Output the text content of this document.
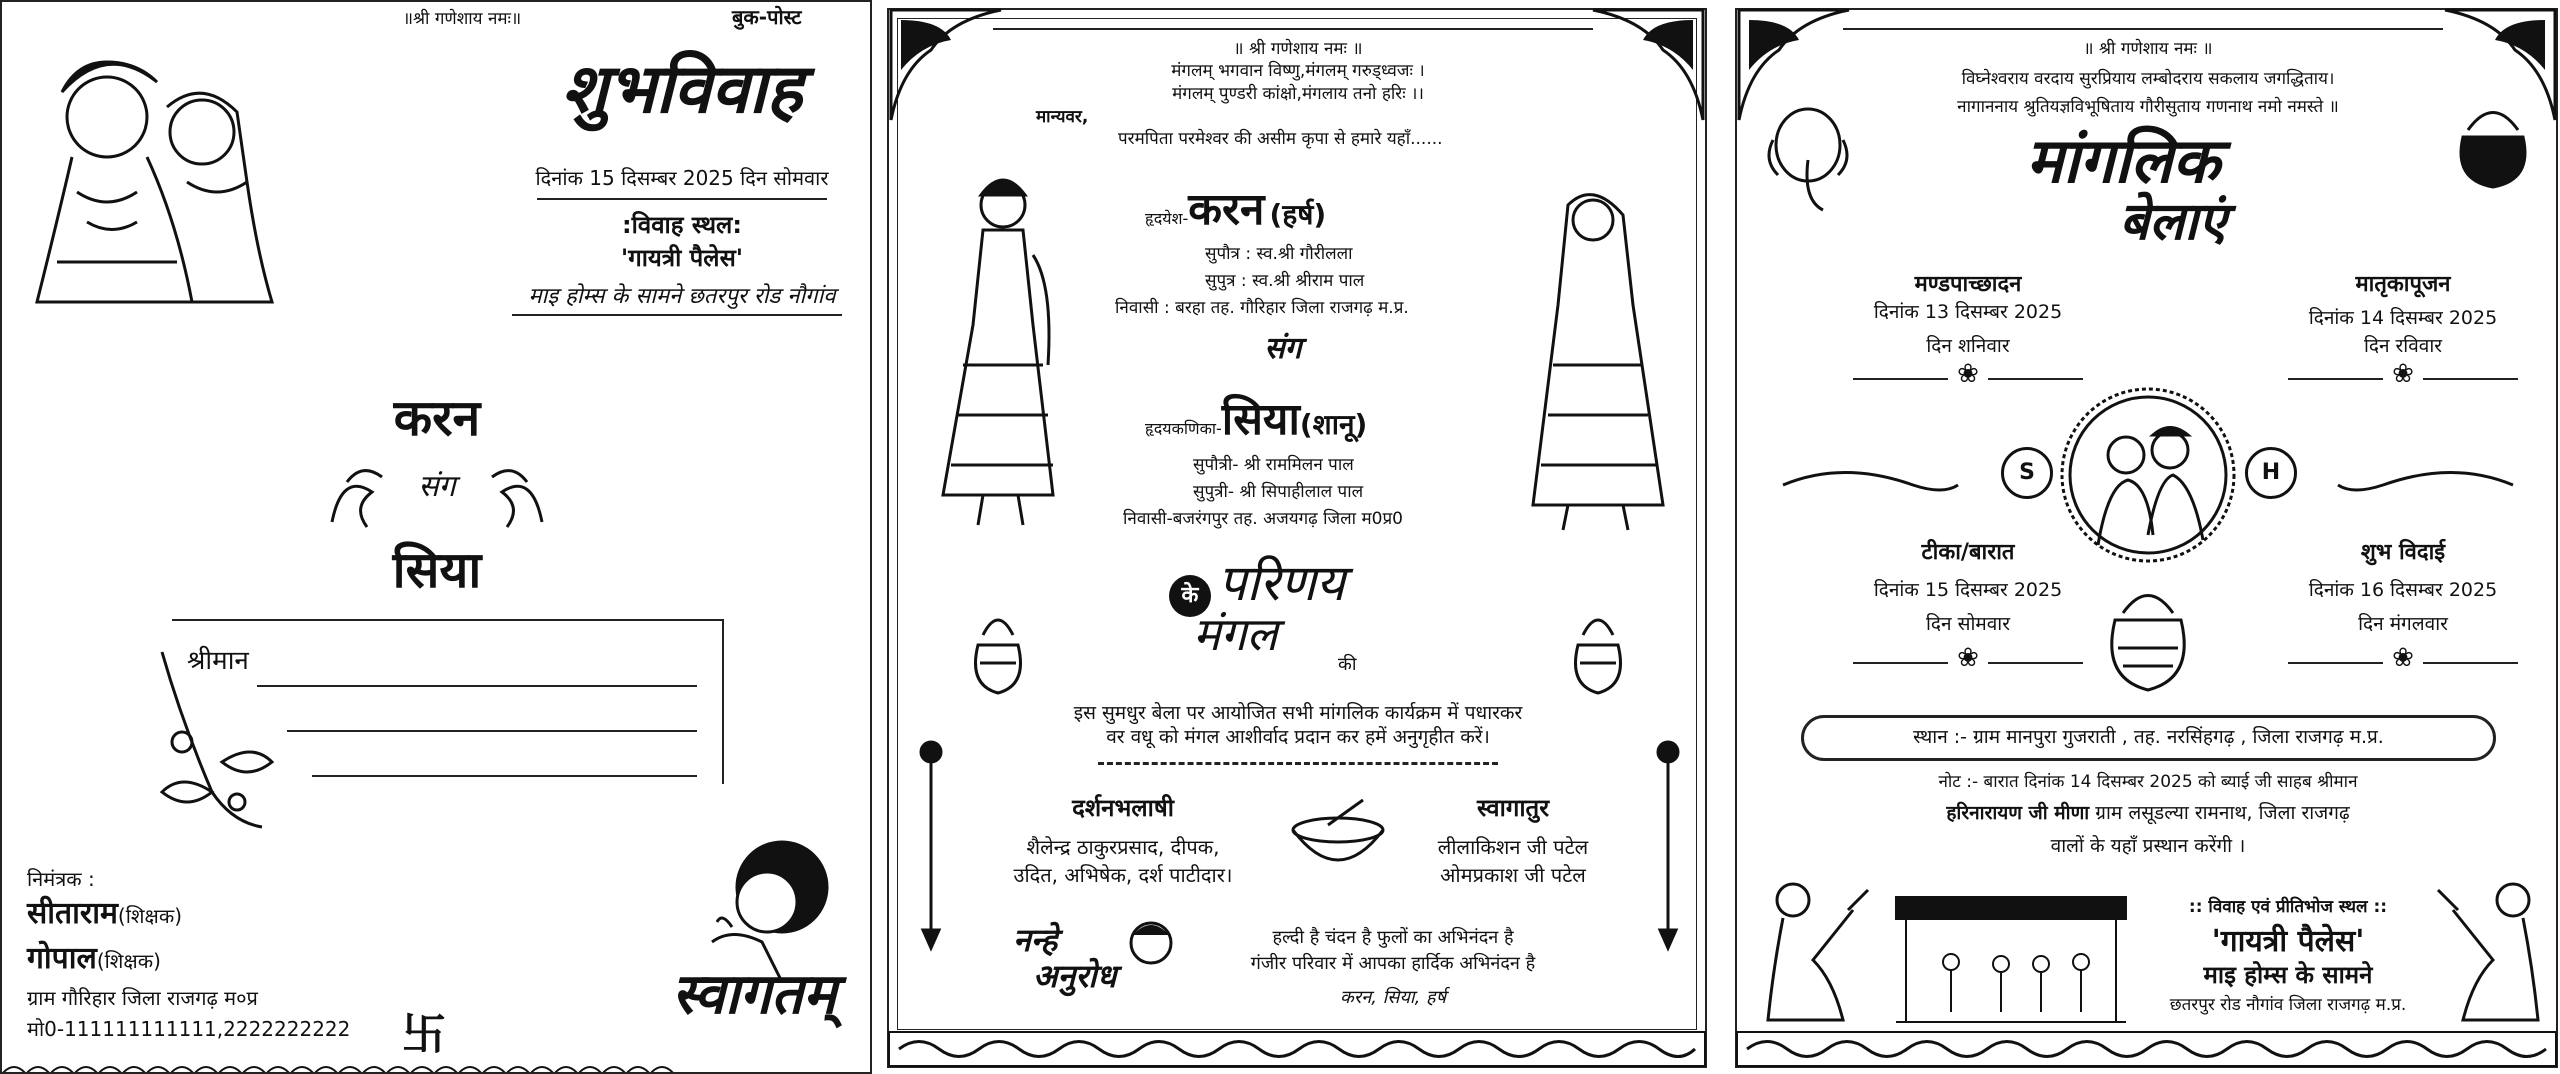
॥श्री गणेशाय नमः॥	बुक-पोस्ट
शुभविवाह
दिनांक 15 दिसम्बर 2025 दिन सोमवार
:विवाह स्थल:
'गायत्री पैलेस'
माइ होम्स के सामने छतरपुर रोड नौगांव
करन
संग
सिया
श्रीमान
निमंत्रक :
सीताराम(शिक्षक)
गोपाल(शिक्षक)
ग्राम गौरिहार जिला राजगढ़ म०प्र
मो0-111111111111,2222222222 卐
स्वागतम्
॥ श्री गणेशाय नमः ॥
मंगलम् भगवान विष्णु,मंगलम् गरुड्ध्वजः ।
मंगलम् पुण्डरी कांक्षो,मंगलाय तनो हरिः ।।
मान्यवर,
परमपिता परमेश्वर की असीम कृपा से हमारे यहाँ......
हृदयेश-करन (हर्ष)
सुपौत्र : स्व.श्री गौरीलला
सुपुत्र : स्व.श्री श्रीराम पाल
निवासी : बरहा तह. गौरिहार जिला राजगढ़ म.प्र.
संग
हृदयकणिका-सिया(शानू)
सुपौत्री- श्री राममिलन पाल
सुपुत्री- श्री सिपाहीलाल पाल
निवासी-बजरंगपुर तह. अजयगढ़ जिला म0प्र0
के परिणय
मंगल
की
इस सुमधुर बेला पर आयोजित सभी मांगलिक कार्यक्रम में पधारकर
वर वधू को मंगल आशीर्वाद प्रदान कर हमें अनुगृहीत करें।
दर्शनभलाषी
शैलेन्द्र ठाकुरप्रसाद, दीपक,
उदित, अभिषेक, दर्श पाटीदार।
स्वागातुर
लीलाकिशन जी पटेल
ओमप्रकाश जी पटेल
नन्हे
अनुरोध
हल्दी है चंदन है फुलों का अभिनंदन है
गंजीर परिवार में आपका हार्दिक अभिनंदन है
करन, सिया, हर्ष
॥ श्री गणेशाय नमः ॥
विघ्नेश्वराय वरदाय सुरप्रियाय लम्बोदराय सकलाय जगद्धिताय।
नागाननाय श्रुतियज्ञविभूषिताय गौरीसुताय गणनाथ नमो नमस्ते ॥
मांगलिक
बेलाएं
मण्डपाच्छादन
दिनांक 13 दिसम्बर 2025
दिन शनिवार
❀
मातृकापूजन
दिनांक 14 दिसम्बर 2025
दिन रविवार
❀
S	H
टीका/बारात
दिनांक 15 दिसम्बर 2025
दिन सोमवार
❀
शुभ विदाई
दिनांक 16 दिसम्बर 2025
दिन मंगलवार
❀
स्थान :- ग्राम मानपुरा गुजराती , तह. नरसिंहगढ़ , जिला राजगढ़ म.प्र.
नोट :- बारात दिनांक 14 दिसम्बर 2025 को ब्याई जी साहब श्रीमान
हरिनारायण जी मीणा ग्राम लसूडल्या रामनाथ, जिला राजगढ़
वालों के यहाँ प्रस्थान करेंगी ।
:: विवाह एवं प्रीतिभोज स्थल ::
'गायत्री पैलेस'
माइ होम्स के सामने
छतरपुर रोड नौगांव जिला राजगढ़ म.प्र.
